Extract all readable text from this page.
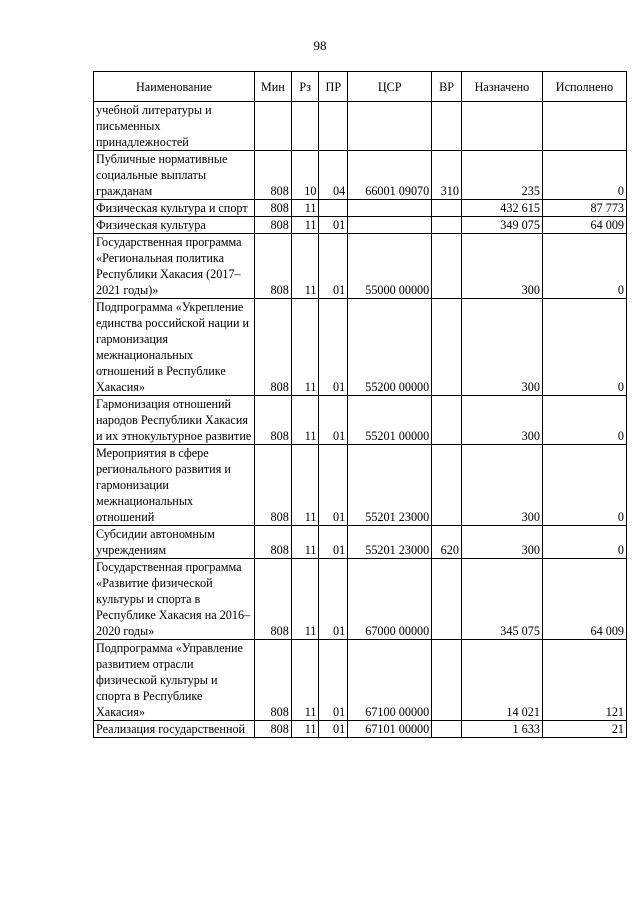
98
Наименование	Мин	Рз	ПР	ЦСР	ВР	Назначено	Исполнено
учебной литературы и письменных принадлежностей							
Публичные нормативные социальные выплаты гражданам	808	10	04	66001 09070	310	235	0
Физическая культура и спорт	808	11				432 615	87 773
Физическая культура	808	11	01			349 075	64 009
Государственная программа «Региональная политика Республики Хакасия (2017–2021 годы)»	808	11	01	55000 00000		300	0
Подпрограмма «Укрепление единства российской нации и гармонизация межнациональных отношений в Республике Хакасия»	808	11	01	55200 00000		300	0
Гармонизация отношений народов Республики Хакасия и их этнокультурное развитие	808	11	01	55201 00000		300	0
Мероприятия в сфере регионального развития и гармонизации межнациональных отношений	808	11	01	55201 23000		300	0
Субсидии автономным учреждениям	808	11	01	55201 23000	620	300	0
Государственная программа «Развитие физической культуры и спорта в Республике Хакасия на 2016–2020 годы»	808	11	01	67000 00000		345 075	64 009
Подпрограмма «Управление развитием отрасли физической культуры и спорта в Республике Хакасия»	808	11	01	67100 00000		14 021	121
Реализация государственной	808	11	01	67101 00000		1 633	21
